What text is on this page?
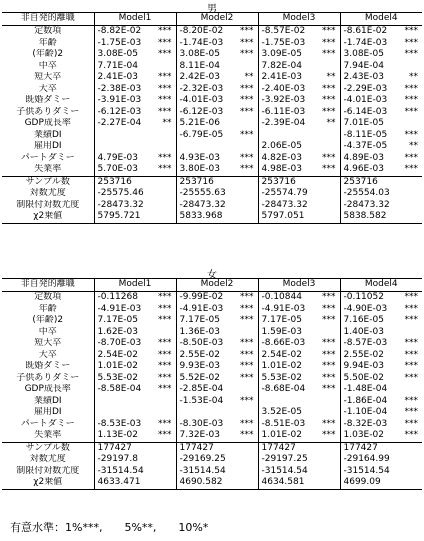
男
非自発的離職	Model1		Model2		Model3		Model4	
定数項	-8.82E-02	***	-8.20E-02	***	-8.57E-02	***	-8.61E-02	***
年齢	-1.75E-03	***	-1.74E-03	***	-1.75E-03	***	-1.74E-03	***
(年齢)2	3.08E-05	***	3.08E-05	***	3.09E-05	***	3.08E-05	***
中卒	7.71E-04		8.11E-04		7.82E-04		7.94E-04	
短大卒	2.41E-03	***	2.42E-03	**	2.41E-03	**	2.43E-03	**
大卒	-2.38E-03	***	-2.32E-03	***	-2.40E-03	***	-2.29E-03	***
既婚ダミー	-3.91E-03	***	-4.01E-03	***	-3.92E-03	***	-4.01E-03	***
子供ありダミー	-6.12E-03	***	-6.12E-03	***	-6.11E-03	***	-6.14E-03	***
GDP成長率	-2.27E-04	**	5.21E-06		-2.39E-04	**	7.01E-05	
業績DI			-6.79E-05	***			-8.11E-05	***
雇用DI					2.06E-05		-4.37E-05	**
パートダミー	4.79E-03	***	4.93E-03	***	4.82E-03	***	4.89E-03	***
失業率	5.70E-03	***	3.80E-03	***	4.98E-03	***	4.96E-03	***
サンプル数	253716		253716		253716		253716	
対数尤度	-25575.46		-25555.63		-25574.79		-25554.03	
制限付対数尤度	-28473.32		-28473.32		-28473.32		-28473.32	
χ2乗値	5795.721		5833.968		5797.051		5838.582	
女
非自発的離職	Model1		Model2		Model3		Model4	
定数項	-0.11268	***	-9.99E-02	***	-0.10844	***	-0.11052	***
年齢	-4.91E-03	***	-4.91E-03	***	-4.91E-03	***	-4.90E-03	***
(年齢)2	7.17E-05	***	7.17E-05	***	7.17E-05	***	7.16E-05	***
中卒	1.62E-03		1.36E-03		1.59E-03		1.40E-03	
短大卒	-8.70E-03	***	-8.50E-03	***	-8.66E-03	***	-8.57E-03	***
大卒	2.54E-02	***	2.55E-02	***	2.54E-02	***	2.55E-02	***
既婚ダミー	1.01E-02	***	9.93E-03	***	1.01E-02	***	9.94E-03	***
子供ありダミー	5.53E-02	***	5.52E-02	***	5.53E-02	***	5.50E-02	***
GDP成長率	-8.58E-04	***	-2.85E-04		-8.68E-04	***	-1.48E-04	
業績DI			-1.53E-04	***			-1.86E-04	***
雇用DI					3.52E-05		-1.10E-04	***
パートダミー	-8.53E-03	***	-8.30E-03	***	-8.51E-03	***	-8.32E-03	***
失業率	1.13E-02	***	7.32E-03	***	1.01E-02	***	1.03E-02	***
サンプル数	177427		177427		177427		177427	
対数尤度	-29197.8		-29169.25		-29197.25		-29164.99	
制限付対数尤度	-31514.54		-31514.54		-31514.54		-31514.54	
χ2乗値	4633.471		4690.582		4634.581		4699.09	
有意水準：1%***,　　5%**,　　10%*
